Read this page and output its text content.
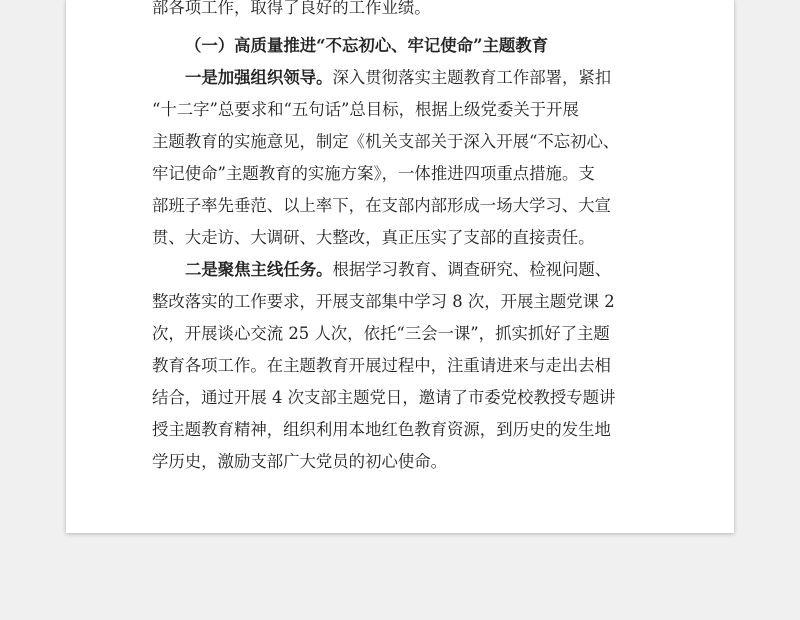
部各项工作，取得了良好的工作业绩。
（一）高质量推进“不忘初心、牢记使命”主题教育
一是加强组织领导。深入贯彻落实主题教育工作部署，紧扣
“十二字”总要求和“五句话”总目标，根据上级党委关于开展
主题教育的实施意见，制定《机关支部关于深入开展“不忘初心、
牢记使命”主题教育的实施方案》，一体推进四项重点措施。支
部班子率先垂范、以上率下，在支部内部形成一场大学习、大宣
贯、大走访、大调研、大整改，真正压实了支部的直接责任。
二是聚焦主线任务。根据学习教育、调查研究、检视问题、
整改落实的工作要求，开展支部集中学习 8 次，开展主题党课 2
次，开展谈心交流 25 人次，依托“三会一课”，抓实抓好了主题
教育各项工作。在主题教育开展过程中，注重请进来与走出去相
结合，通过开展 4 次支部主题党日，邀请了市委党校教授专题讲
授主题教育精神，组织利用本地红色教育资源，到历史的发生地
学历史，激励支部广大党员的初心使命。
